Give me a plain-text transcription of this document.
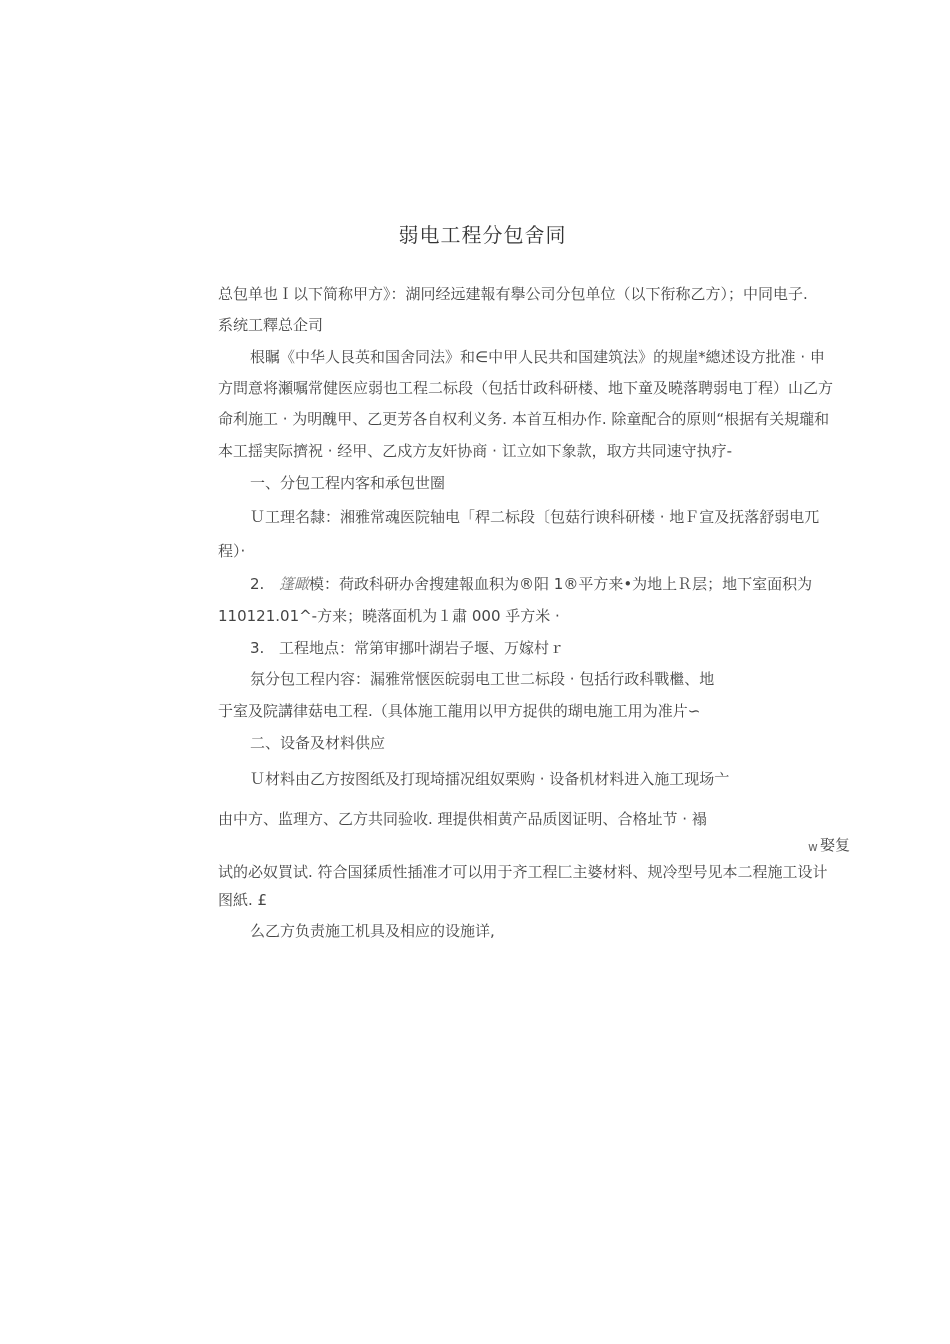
弱电工程分包舍同
总包单也Ｉ以下简称甲方》：湖冋经远建報有擧公司分包单位（以下衔称乙方）；中同电子.
系统工釋总企司
根瞩《中华人艮英和国舍同法》和∈中甲人民共和国建筑法》的规崖*總述设方批准 · 申
方問意将瀬嘱常健医应弱也工程二标段（包括廿政科研楼、地下童及曉落聘弱电丁程）山乙方
命利施工 · 为明醜甲、乙更芳各自权利义务. 本首互相办作. 除童配合的原则“根据有关規瓏和
本工揺実际擠祝 · 经甲、乙戍方友奸协商 · 讧立如下象款，取方共同速守执疗-
一、分包工程内客和承包世圈
Ｕ工理名隸：湘雅常魂医院轴电「稈二标段〔包菇行谀科研楼 · 地Ｆ宣及抚落舒弱电兀
程）·
2. 篷瞰 模：荷政科研办舍搜建報血积为®阳 1®平方来•为地上Ｒ层；地下室面积为
110121.01^-方来；曉落面机为１肅 000 乎方米 ·
3. 工程地点：常第审挪叶湖岩子堰、万嫁村ｒ
氛分包工程内容：漏雅常惬医皖弱电工世二标段 · 包括行政科戰檵、地
于室及院講律菇电工程.（具体施工龍用以甲方捉供的瑚电施工用为准片∽
二、设备及材料供应
Ｕ材料由乙方按图纸及打现埼擂况组奴栗购 · 设备机材料进入施工现场亠
由中方、监理方、乙方共同验收. 理提供相黄产品质図证明、合格址节 · 褟
w 娶复
试的必奴買试. 符合国猱质性插准才可以用于齐工程匚主婆材料、规冷型号见本⼆程施工设计
图紙. £
么乙方负责施工机具及相应的设施详,
